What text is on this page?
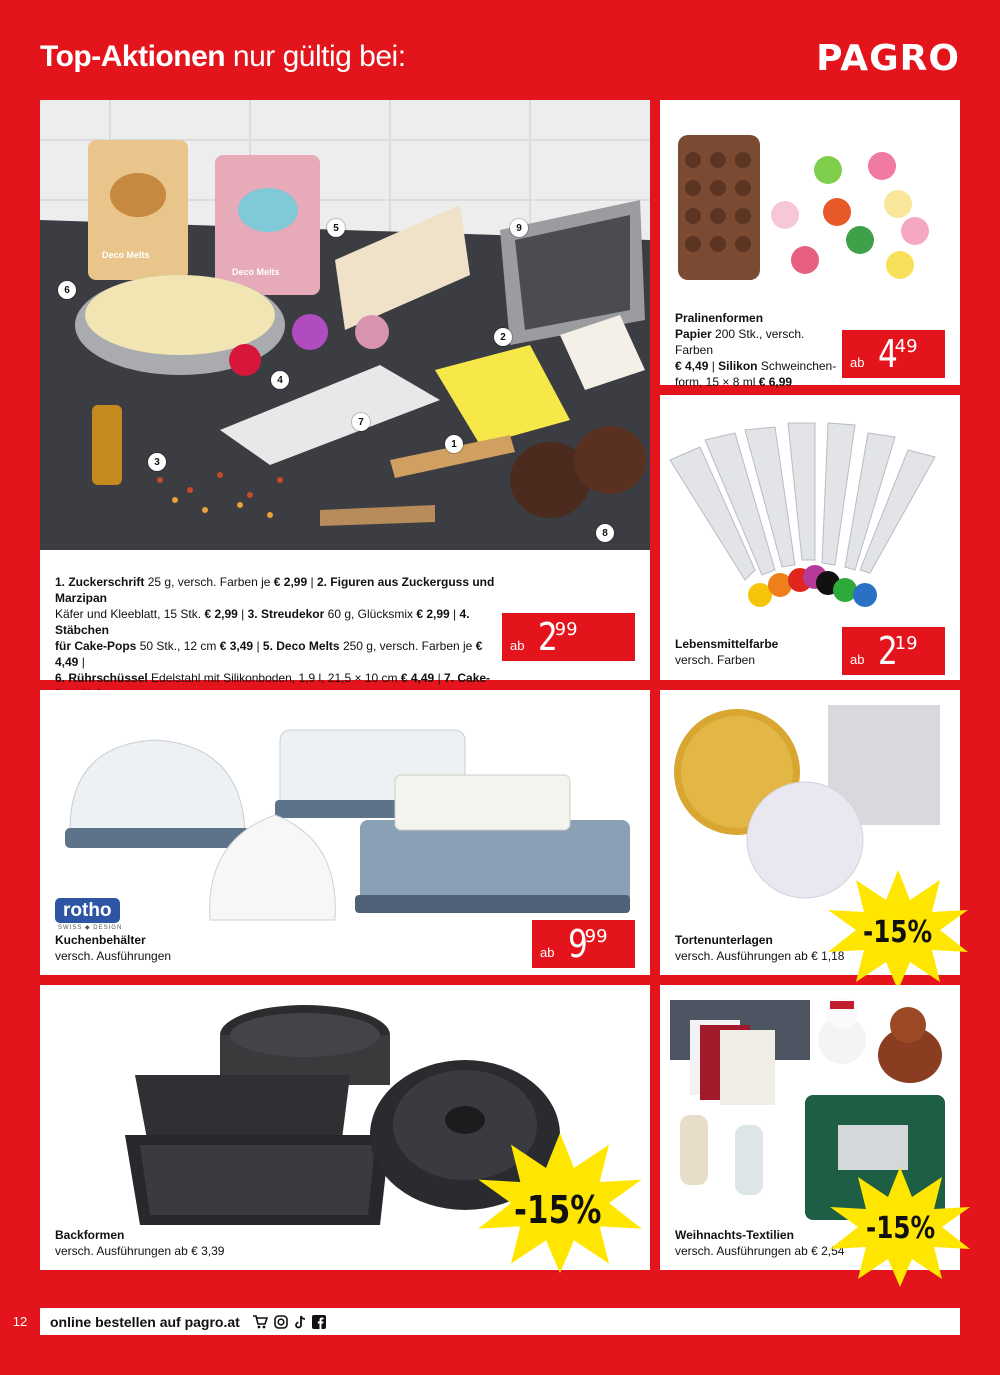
Top-Aktionen nur gültig bei:	PAGRO
1
2
3
4
5
6
7
8
9
Deco Melts
Deco Melts
1. Zuckerschrift 25 g, versch. Farben je € 2,99 | 2. Figuren aus Zuckerguss und Marzipan
Käfer und Kleeblatt, 15 Stk. € 2,99 | 3. Streudekor 60 g, Glücksmix € 2,99 | 4. Stäbchen
für Cake-Pops 50 Stk., 12 cm € 3,49 | 5. Deco Melts 250 g, versch. Farben je € 4,49 |
6. Rührschüssel Edelstahl mit Silikonboden, 1,9 l, 21,5 × 10 cm € 4,49 | 7. Cake-
ab 2
99
Pralinenformen
Papier 200 Stk., versch. Farben
€ 4,49 | Silikon Schweinchen-
form, 15 × 8 ml € 6,99
ab 4
49
Lebensmittelfarbe
versch. Farben	ab 2
19
rotho
SWISS ◆ DESIGN
Kuchenbehälter
versch. Ausführungen	ab 9
99	Tortenunterlagen
versch. Ausführungen ab € 1,18
-15%
Backformen
versch. Ausführungen ab € 3,39
-15%
Weihnachts-Textilien
versch. Ausführungen ab € 2,54
-15%
12	online bestellen auf pagro.at
